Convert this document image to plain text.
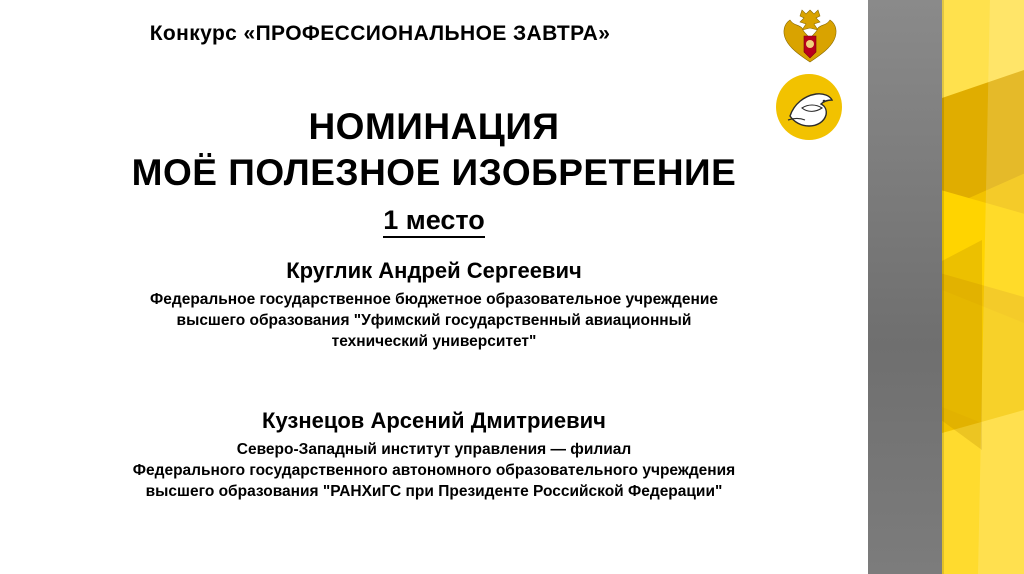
Конкурс «ПРОФЕССИОНАЛЬНОЕ ЗАВТРА»
НОМИНАЦИЯ
МОЁ ПОЛЕЗНОЕ ИЗОБРЕТЕНИЕ
1 место
Круглик Андрей Сергеевич
Федеральное государственное бюджетное образовательное учреждение
высшего образования "Уфимский государственный авиационный
технический университет"
Кузнецов Арсений Дмитриевич
Северо-Западный институт управления — филиал
Федерального государственного автономного образовательного учреждения
высшего образования "РАНХиГС при Президенте Российской Федерации"
